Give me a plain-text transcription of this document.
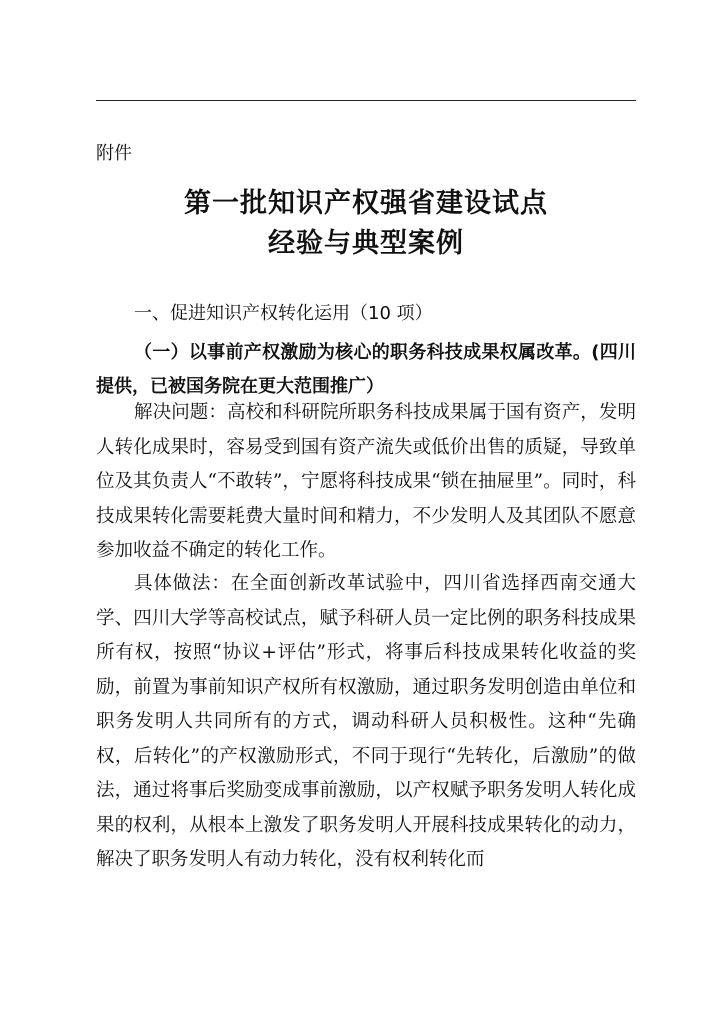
附件
第一批知识产权强省建设试点
经验与典型案例
一、促进知识产权转化运用（10 项）
（一）以事前产权激励为核心的职务科技成果权属改革。(四川提供，已被国务院在更大范围推广）

解决问题：高校和科研院所职务科技成果属于国有资产，发明人转化成果时，容易受到国有资产流失或低价出售的质疑，导致单位及其负责人“不敢转”，宁愿将科技成果“锁在抽屉里”。同时，科技成果转化需要耗费大量时间和精力，不少发明人及其团队不愿意参加收益不确定的转化工作。

具体做法：在全面创新改革试验中，四川省选择西南交通大学、四川大学等高校试点，赋予科研人员一定比例的职务科技成果所有权，按照“协议+评估”形式，将事后科技成果转化收益的奖励，前置为事前知识产权所有权激励，通过职务发明创造由单位和职务发明人共同所有的方式，调动科研人员积极性。这种“先确权，后转化”的产权激励形式，不同于现行“先转化，后激励”的做法，通过将事后奖励变成事前激励，以产权赋予职务发明人转化成果的权利，从根本上激发了职务发明人开展科技成果转化的动力，解决了职务发明人有动力转化，没有权利转化而
